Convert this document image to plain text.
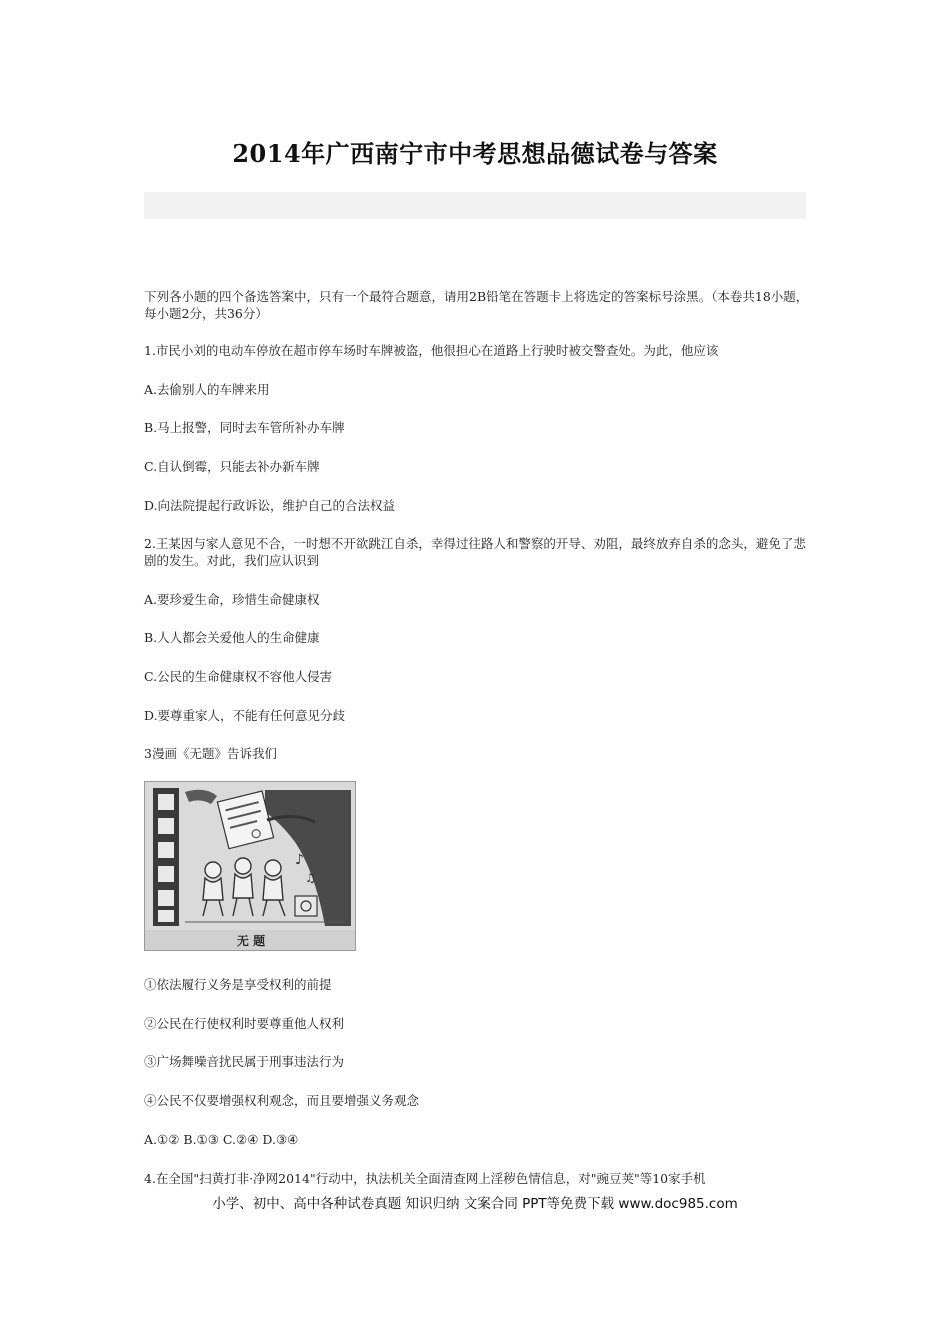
2014年广西南宁市中考思想品德试卷与答案
下列各小题的四个备选答案中，只有一个最符合题意，请用2B铅笔在答题卡上将选定的答案标号涂黑。（本卷共18小题，每小题2分，共36分）
1.市民小刘的电动车停放在超市停车场时车牌被盗，他很担心在道路上行驶时被交警查处。为此，他应该
A.去偷别人的车牌来用
B.马上报警，同时去车管所补办车牌
C.自认倒霉，只能去补办新车牌
D.向法院提起行政诉讼，维护自己的合法权益
2.王某因与家人意见不合，一时想不开欲跳江自杀，幸得过往路人和警察的开导、劝阻，最终放弃自杀的念头，避免了悲剧的发生。对此，我们应认识到
A.要珍爱生命，珍惜生命健康权
B.人人都会关爱他人的生命健康
C.公民的生命健康权不容他人侵害
D.要尊重家人，不能有任何意见分歧
3漫画《无题》告诉我们
♪
♫
无 题
①依法履行义务是享受权利的前提
②公民在行使权利时要尊重他人权利
③广场舞噪音扰民属于刑事违法行为
④公民不仅要增强权利观念，而且要增强义务观念
A.①② B.①③ C.②④ D.③④
4.在全国"扫黄打非·净网2014"行动中，执法机关全面清查网上淫秽色情信息，对"豌豆荚"等10家手机
小学、初中、高中各种试卷真题 知识归纳 文案合同 PPT等免费下载 www.doc985.com
